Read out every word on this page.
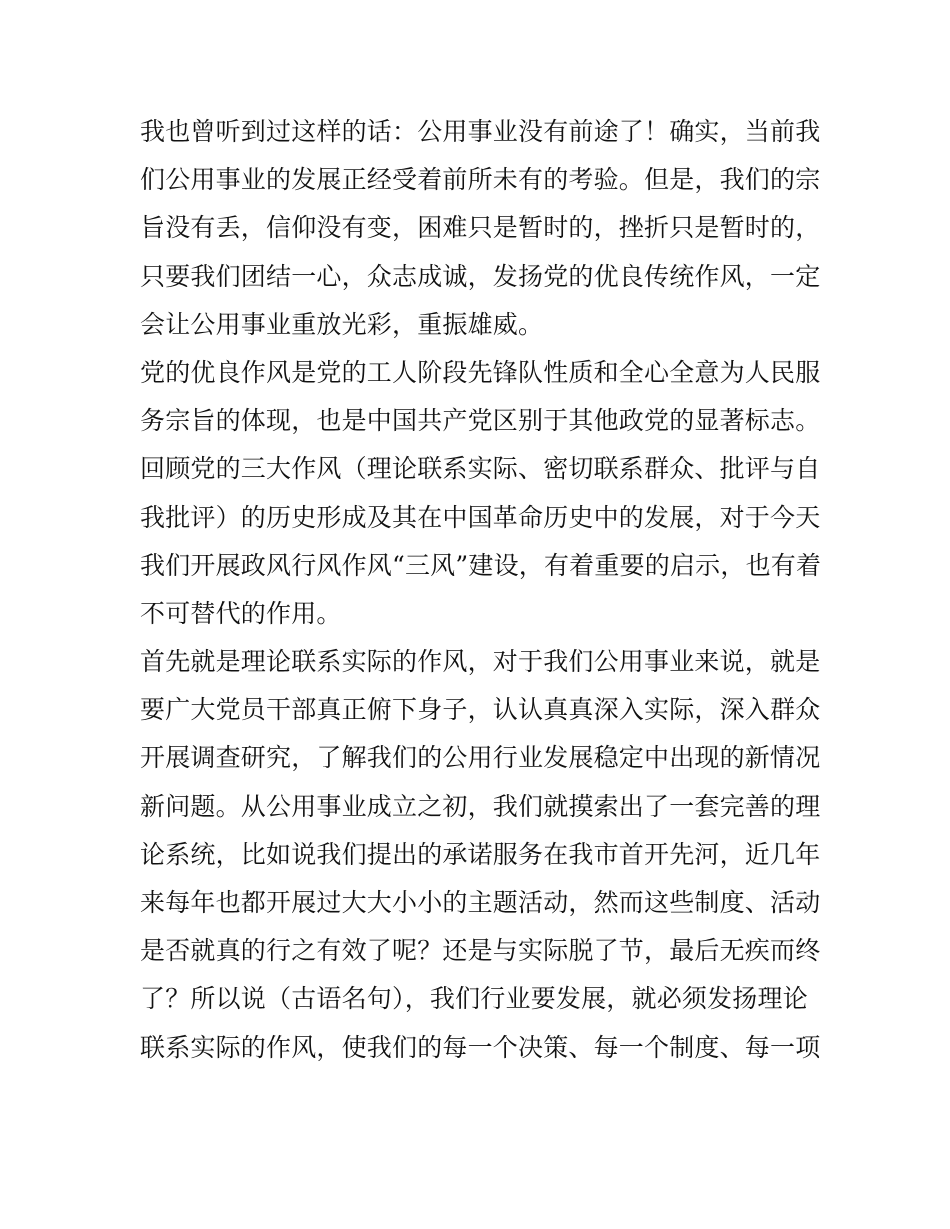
我也曾听到过这样的话：公用事业没有前途了！确实，当前我
们公用事业的发展正经受着前所未有的考验。但是，我们的宗
旨没有丢，信仰没有变，困难只是暂时的，挫折只是暂时的，
只要我们团结一心，众志成诚，发扬党的优良传统作风，一定
会让公用事业重放光彩，重振雄威。
党的优良作风是党的工人阶段先锋队性质和全心全意为人民服
务宗旨的体现，也是中国共产党区别于其他政党的显著标志。
回顾党的三大作风（理论联系实际、密切联系群众、批评与自
我批评）的历史形成及其在中国革命历史中的发展，对于今天
我们开展政风行风作风“三风”建设，有着重要的启示，也有着
不可替代的作用。
首先就是理论联系实际的作风，对于我们公用事业来说，就是
要广大党员干部真正俯下身子，认认真真深入实际，深入群众
开展调查研究，了解我们的公用行业发展稳定中出现的新情况
新问题。从公用事业成立之初，我们就摸索出了一套完善的理
论系统，比如说我们提出的承诺服务在我市首开先河，近几年
来每年也都开展过大大小小的主题活动，然而这些制度、活动
是否就真的行之有效了呢？还是与实际脱了节，最后无疾而终
了？所以说（古语名句），我们行业要发展，就必须发扬理论
联系实际的作风，使我们的每一个决策、每一个制度、每一项
